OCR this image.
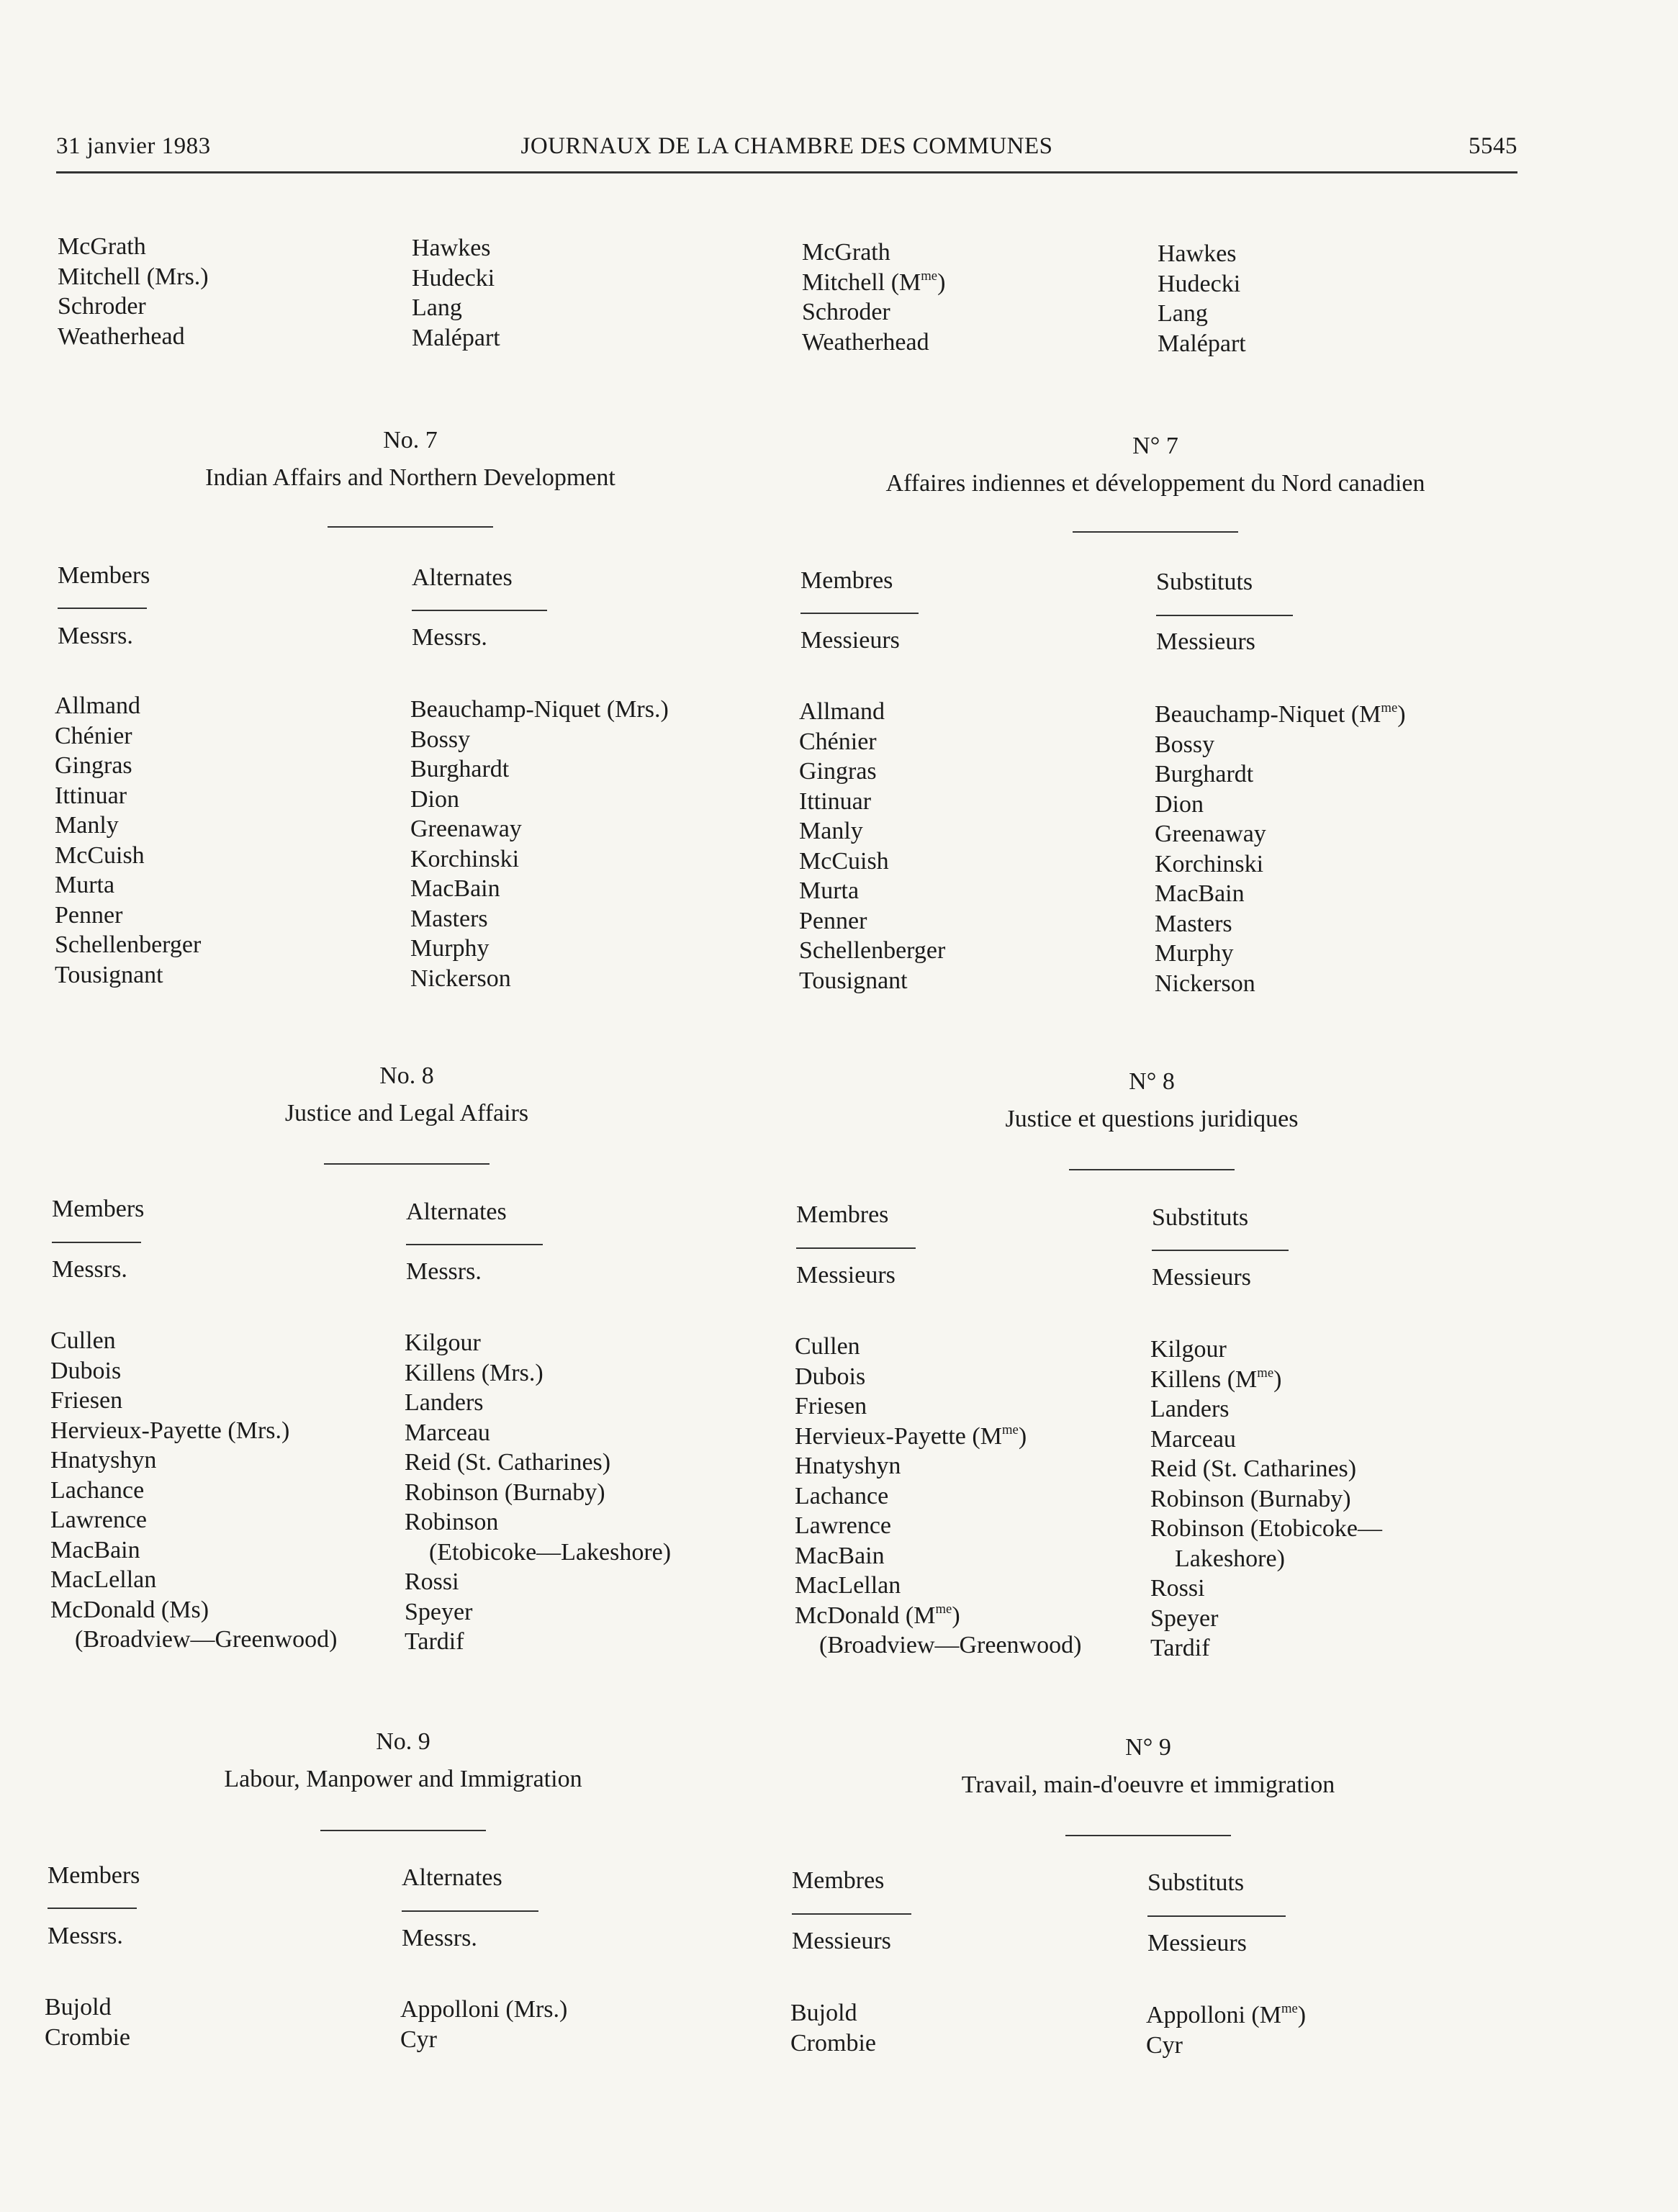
31 janvier 1983	JOURNAUX DE LA CHAMBRE DES COMMUNES	5545
McGrath
Mitchell (Mrs.)
Schroder
Weatherhead
Hawkes
Hudecki
Lang
Malépart
McGrath
Mitchell $(M^{me})$
Schroder
Weatherhead
Hawkes
Hudecki
Lang
Malépart
No. 7
Indian Affairs and Northern Development
N° 7
Affaires indiennes et développement du Nord canadien
Members
Messrs.
Alternates
Messrs.
Membres
Messieurs
Substituts
Messieurs
Allmand
Chénier
Gingras
Ittinuar
Manly
McCuish
Murta
Penner
Schellenberger
Tousignant
Beauchamp-Niquet (Mrs.)
Bossy
Burghardt
Dion
Greenaway
Korchinski
MacBain
Masters
Murphy
Nickerson
Allmand
Chénier
Gingras
Ittinuar
Manly
McCuish
Murta
Penner
Schellenberger
Tousignant
Beauchamp-Niquet $(M^{me})$
Bossy
Burghardt
Dion
Greenaway
Korchinski
MacBain
Masters
Murphy
Nickerson
No. 8
Justice and Legal Affairs
N° 8
Justice et questions juridiques
Members
Messrs.
Alternates
Messrs.
Membres
Messieurs
Substituts
Messieurs
Cullen
Dubois
Friesen
Hervieux-Payette (Mrs.)
Hnatyshyn
Lachance
Lawrence
MacBain
MacLellan
McDonald (Ms)
(Broadview—Greenwood)
Kilgour
Killens (Mrs.)
Landers
Marceau
Reid (St. Catharines)
Robinson (Burnaby)
Robinson
(Etobicoke—Lakeshore)
Rossi
Speyer
Tardif
Cullen
Dubois
Friesen
Hervieux-Payette $(M^{me})$
Hnatyshyn
Lachance
Lawrence
MacBain
MacLellan
McDonald $(M^{me})$
(Broadview—Greenwood)
Kilgour
Killens $(M^{me})$
Landers
Marceau
Reid (St. Catharines)
Robinson (Burnaby)
Robinson (Etobicoke—
Lakeshore)
Rossi
Speyer
Tardif
No. 9
Labour, Manpower and Immigration
N° 9
Travail, main-d'oeuvre et immigration
Members
Messrs.
Alternates
Messrs.
Membres
Messieurs
Substituts
Messieurs
Bujold
Crombie
Appolloni (Mrs.)
Cyr
Bujold
Crombie
Appolloni $(M^{me})$
Cyr
